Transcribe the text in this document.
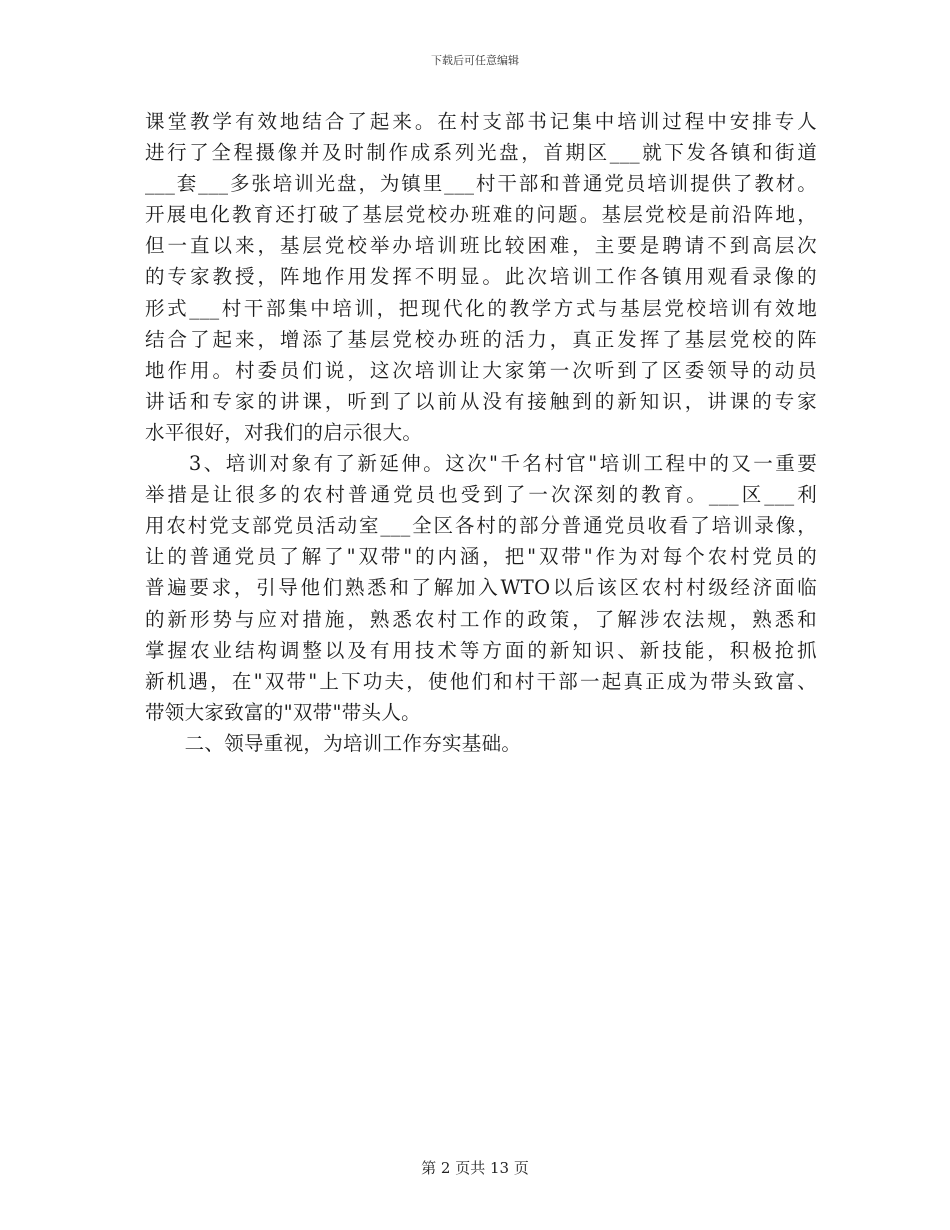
下载后可任意编辑
课堂教学有效地结合了起来。在村支部书记集中培训过程中安排专人
进行了全程摄像并及时制作成系列光盘，首期区___就下发各镇和街道
___套___多张培训光盘，为镇里___村干部和普通党员培训提供了教材。
开展电化教育还打破了基层党校办班难的问题。基层党校是前沿阵地，
但一直以来，基层党校举办培训班比较困难，主要是聘请不到高层次
的专家教授，阵地作用发挥不明显。此次培训工作各镇用观看录像的
形式___村干部集中培训，把现代化的教学方式与基层党校培训有效地
结合了起来，增添了基层党校办班的活力，真正发挥了基层党校的阵
地作用。村委员们说，这次培训让大家第一次听到了区委领导的动员
讲话和专家的讲课，听到了以前从没有接触到的新知识，讲课的专家
水平很好，对我们的启示很大。
　　3、培训对象有了新延伸。这次"千名村官"培训工程中的又一重要
举措是让很多的农村普通党员也受到了一次深刻的教育。___区___利
用农村党支部党员活动室___全区各村的部分普通党员收看了培训录像，
让的普通党员了解了"双带"的内涵，把"双带"作为对每个农村党员的
普遍要求，引导他们熟悉和了解加入WTO以后该区农村村级经济面临
的新形势与应对措施，熟悉农村工作的政策，了解涉农法规，熟悉和
掌握农业结构调整以及有用技术等方面的新知识、新技能，积极抢抓
新机遇，在"双带"上下功夫，使他们和村干部一起真正成为带头致富、
带领大家致富的"双带"带头人。
　　二、领导重视，为培训工作夯实基础。
第 2 页共 13 页
